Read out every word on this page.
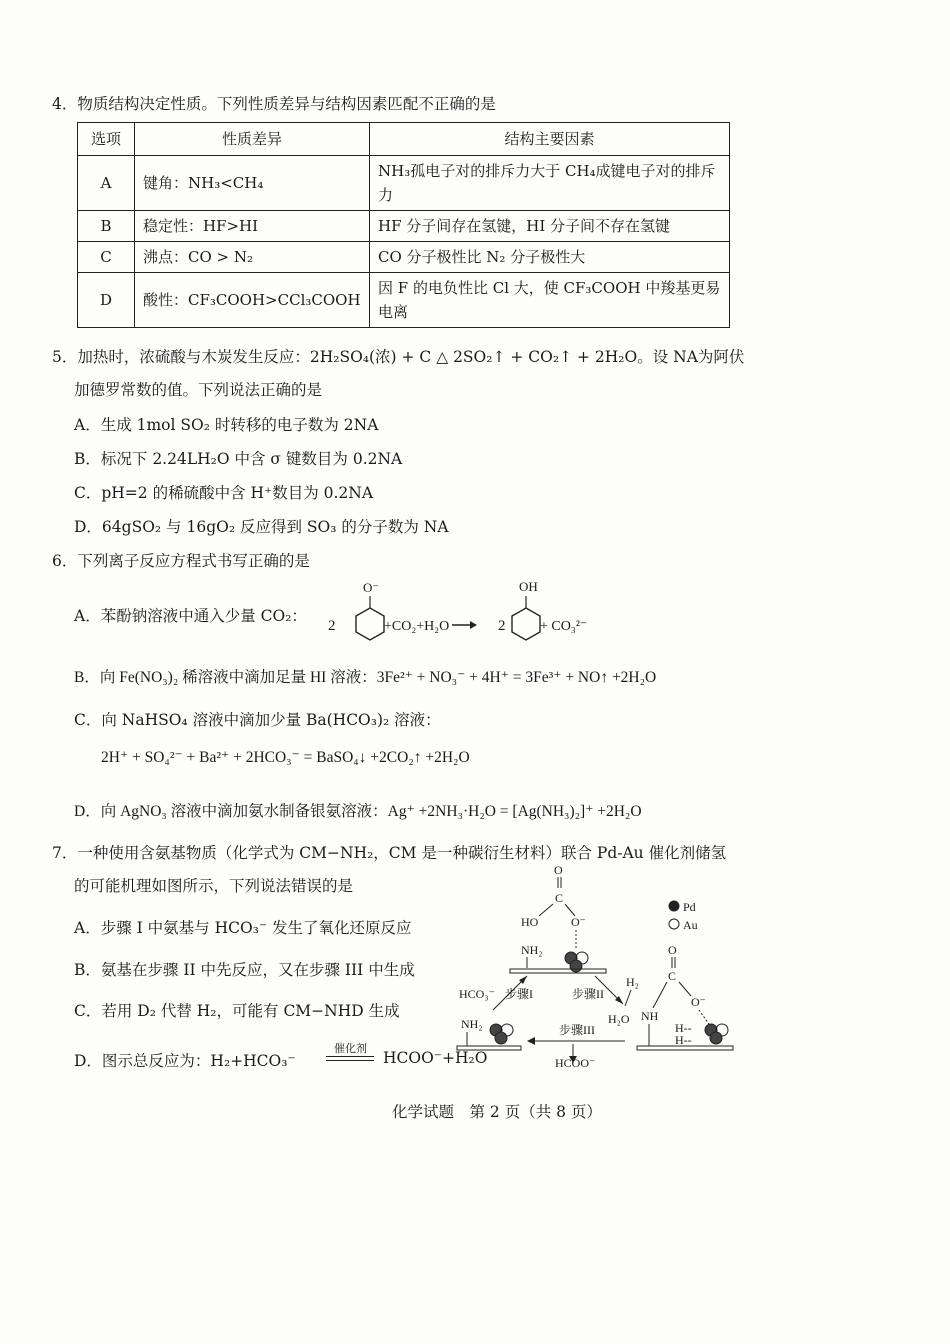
4．物质结构决定性质。下列性质差异与结构因素匹配不正确的是
选项	性质差异	结构主要因素
A	键角：NH₃<CH₄	NH₃孤电子对的排斥力大于 CH₄成键电子对的排斥力
B	稳定性：HF>HI	HF 分子间存在氢键，HI 分子间不存在氢键
C	沸点：CO > N₂	CO 分子极性比 N₂ 分子极性大
D	酸性：CF₃COOH>CCl₃COOH	因 F 的电负性比 Cl 大，使 CF₃COOH 中羧基更易电离
5．加热时，浓硫酸与木炭发生反应：2H₂SO₄(浓) + C △ 2SO₂↑ + CO₂↑ + 2H₂O。设 NA为阿伏
加德罗常数的值。下列说法正确的是
A．生成 1mol SO₂ 时转移的电子数为 2NA
B．标况下 2.24LH₂O 中含 σ 键数目为 0.2NA
C．pH=2 的稀硫酸中含 H⁺数目为 0.2NA
D．64gSO₂ 与 16gO₂ 反应得到 SO₃ 的分子数为 NA
6．下列离子反应方程式书写正确的是
A．苯酚钠溶液中通入少量 CO₂：
2
O⁻
+CO₂+H₂O	2
OH
+ CO₃²⁻
B．向 Fe(NO₃)₂ 稀溶液中滴加足量 HI 溶液：3Fe²⁺ + NO₃⁻ + 4H⁺ = 3Fe³⁺ + NO↑ +2H₂O
C．向 NaHSO₄ 溶液中滴加少量 Ba(HCO₃)₂ 溶液：
2H⁺ + SO₄²⁻ + Ba²⁺ + 2HCO₃⁻ = BaSO₄↓ +2CO₂↑ +2H₂O
D．向 AgNO₃ 溶液中滴加氨水制备银氨溶液：Ag⁺ +2NH₃·H₂O = [Ag(NH₃)₂]⁺ +2H₂O
7．一种使用含氨基物质（化学式为 CM−NH₂，CM 是一种碳衍生材料）联合 Pd-Au 催化剂储氢
的可能机理如图所示，下列说法错误的是
A．步骤 I 中氨基与 HCO₃⁻ 发生了氧化还原反应
B．氨基在步骤 II 中先反应，又在步骤 III 中生成
C．若用 D₂ 代替 H₂，可能有 CM−NHD 生成
D．图示总反应为：H₂+HCO₃⁻
催化剂
HCOO⁻+H₂O
Pd
Au
O
C
HO	O⁻
NH₂
步骤I
HCO₃⁻	步骤II
H₂
H₂O
O
C
O⁻
NH
H--
H--
步骤III
HCOO⁻
NH₂
化学试题　第 2 页（共 8 页）
